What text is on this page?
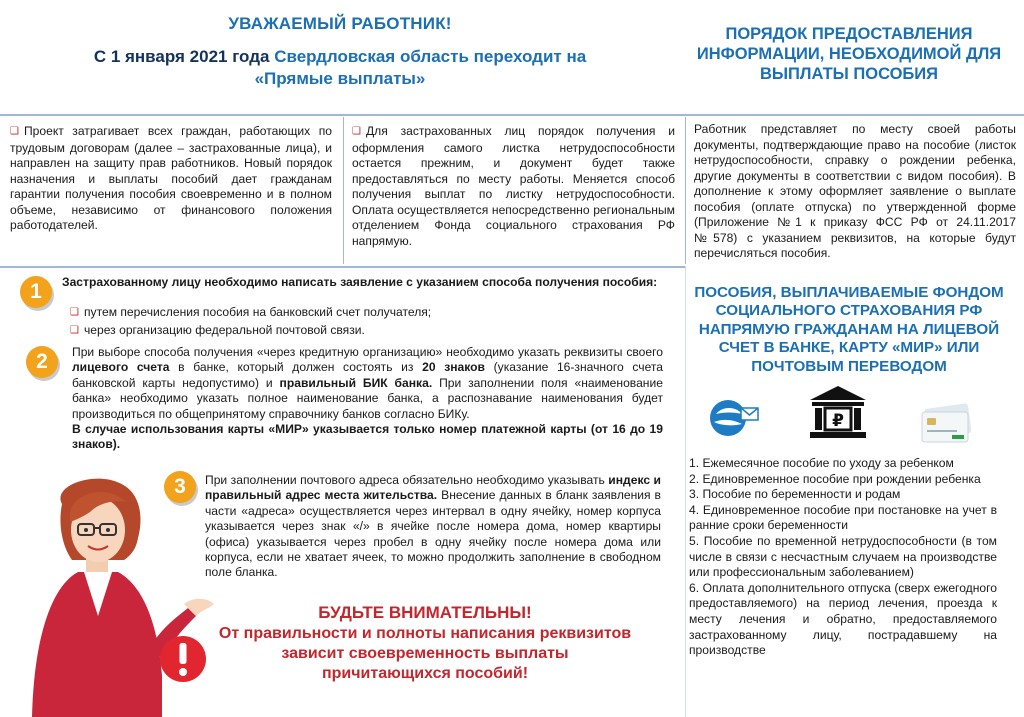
УВАЖАЕМЫЙ РАБОТНИК!
С 1 января 2021 года Свердловская область переходит на
«Прямые выплаты»
ПОРЯДОК ПРЕДОСТАВЛЕНИЯ ИНФОРМАЦИИ, НЕОБХОДИМОЙ ДЛЯ ВЫПЛАТЫ ПОСОБИЯ
❑ Проект затрагивает всех граждан, работающих по трудовым договорам (далее – застрахованные лица), и направлен на защиту прав работников. Новый порядок назначения и выплаты пособий дает гражданам гарантии получения пособия своевременно и в полном объеме, независимо от финансового положения работодателей.
❑ Для застрахованных лиц порядок получения и оформления самого листка нетрудоспособности остается прежним, и документ будет также предоставляться по месту работы. Меняется способ получения выплат по листку нетрудоспособности. Оплата осуществляется непосредственно региональным отделением Фонда социального страхования РФ напрямую.
Работник представляет по месту своей работы документы, подтверждающие право на пособие (листок нетрудоспособности, справку о рождении ребенка, другие документы в соответствии с видом пособия). В дополнение к этому оформляет заявление о выплате пособия (оплате отпуска) по утвержденной форме (Приложение №1 к приказу ФСС РФ от 24.11.2017 №578) с указанием реквизитов, на которые будут перечисляться пособия.
1	Застрахованному лицу необходимо написать заявление с указанием способа получения пособия:
❑ путем перечисления пособия на банковский счет получателя;
❑ через организацию федеральной почтовой связи.
2	При выборе способа получения «через кредитную организацию» необходимо указать реквизиты своего лицевого счета в банке, который должен состоять из 20 знаков (указание 16-значного счета банковской карты недопустимо) и правильный БИК банка. При заполнении поля «наименование банка» необходимо указать полное наименование банка, а распознавание наименования будет производиться по общепринятому справочнику банков согласно БИКу.
В случае использования карты «МИР» указывается только номер платежной карты (от 16 до 19 знаков).
3	При заполнении почтового адреса обязательно необходимо указывать индекс и правильный адрес места жительства. Внесение данных в бланк заявления в части «адреса» осуществляется через интервал в одну ячейку, номер корпуса указывается через знак «/» в ячейке после номера дома, номер квартиры (офиса) указывается через пробел в одну ячейку после номера дома или корпуса, если не хватает ячеек, то можно продолжить заполнение в свободном поле бланка.
БУДЬТЕ ВНИМАТЕЛЬНЫ!
От правильности и полноты написания реквизитов зависит своевременность выплаты причитающихся пособий!
ПОСОБИЯ, ВЫПЛАЧИВАЕМЫЕ ФОНДОМ СОЦИАЛЬНОГО СТРАХОВАНИЯ РФ НАПРЯМУЮ ГРАЖДАНАМ НА ЛИЦЕВОЙ СЧЕТ В БАНКЕ, КАРТУ «МИР» ИЛИ ПОЧТОВЫМ ПЕРЕВОДОМ
₽
1. Ежемесячное пособие по уходу за ребенком
2. Единовременное пособие при рождении ребенка
3. Пособие по беременности и родам
4. Единовременное пособие при постановке на учет в ранние сроки беременности
5. Пособие по временной нетрудоспособности (в том числе в связи с несчастным случаем на производстве или профессиональным заболеванием)
6. Оплата дополнительного отпуска (сверх ежегодного предоставляемого) на период лечения, проезда к месту лечения и обратно, предоставляемого застрахованному лицу, пострадавшему на производстве
